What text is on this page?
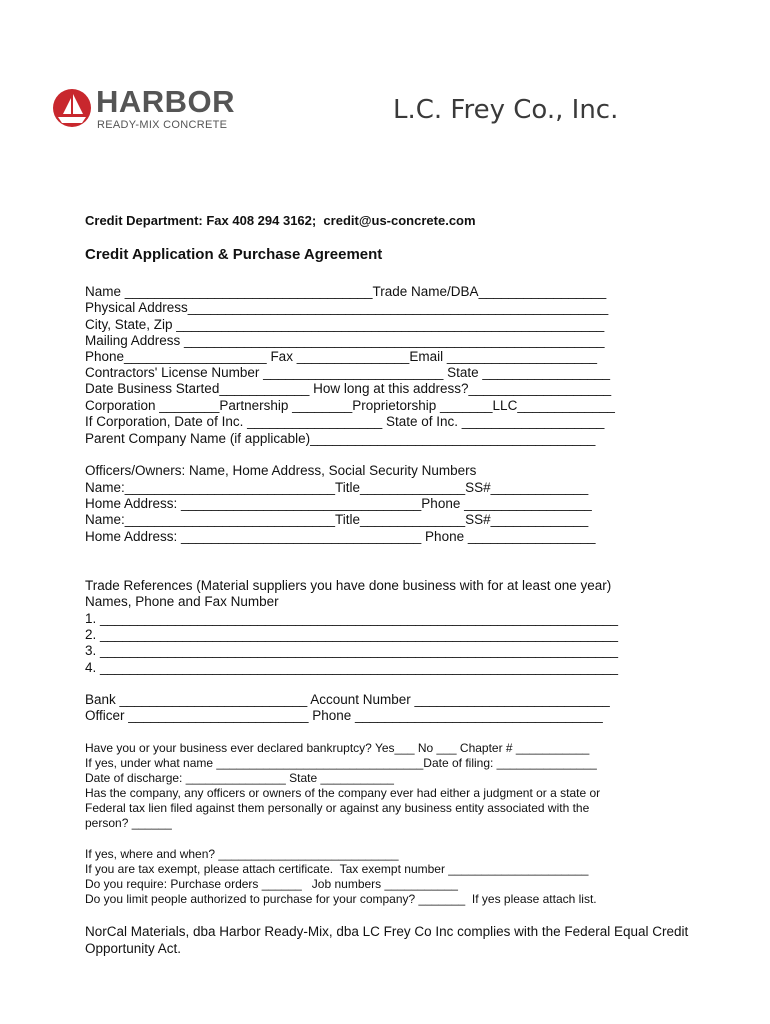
HARBOR
READY-MIX CONCRETE	L.C. Frey Co., Inc.
Credit Department: Fax 408 294 3162;  credit@us-concrete.com
Credit Application & Purchase Agreement
Name _________________________________Trade Name/DBA_________________
Physical Address________________________________________________________
City, State, Zip _________________________________________________________
Mailing Address ________________________________________________________
Phone___________________ Fax _______________Email ____________________
Contractors' License Number ________________________ State _________________
Date Business Started____________ How long at this address?___________________
Corporation ________Partnership ________Proprietorship _______LLC_____________
If Corporation, Date of Inc. __________________ State of Inc. ___________________
Parent Company Name (if applicable)______________________________________
Officers/Owners: Name, Home Address, Social Security Numbers
Name:____________________________Title______________SS#_____________
Home Address: ________________________________Phone _________________
Name:____________________________Title______________SS#_____________
Home Address: ________________________________ Phone _________________
Trade References (Material suppliers you have done business with for at least one year)
Names, Phone and Fax Number
1. _____________________________________________________________________
2. _____________________________________________________________________
3. _____________________________________________________________________
4. _____________________________________________________________________
Bank _________________________ Account Number __________________________
Officer ________________________ Phone _________________________________
Have you or your business ever declared bankruptcy? Yes___ No ___ Chapter # ___________
If yes, under what name _______________________________Date of filing: _______________
Date of discharge: _______________ State ___________
Has the company, any officers or owners of the company ever had either a judgment or a state or
Federal tax lien filed against them personally or against any business entity associated with the
person? ______
If yes, where and when? ___________________________
If you are tax exempt, please attach certificate.  Tax exempt number _____________________
Do you require: Purchase orders ______   Job numbers ___________
Do you limit people authorized to purchase for your company? _______  If yes please attach list.
NorCal Materials, dba Harbor Ready-Mix, dba LC Frey Co Inc complies with the Federal Equal Credit
Opportunity Act.
